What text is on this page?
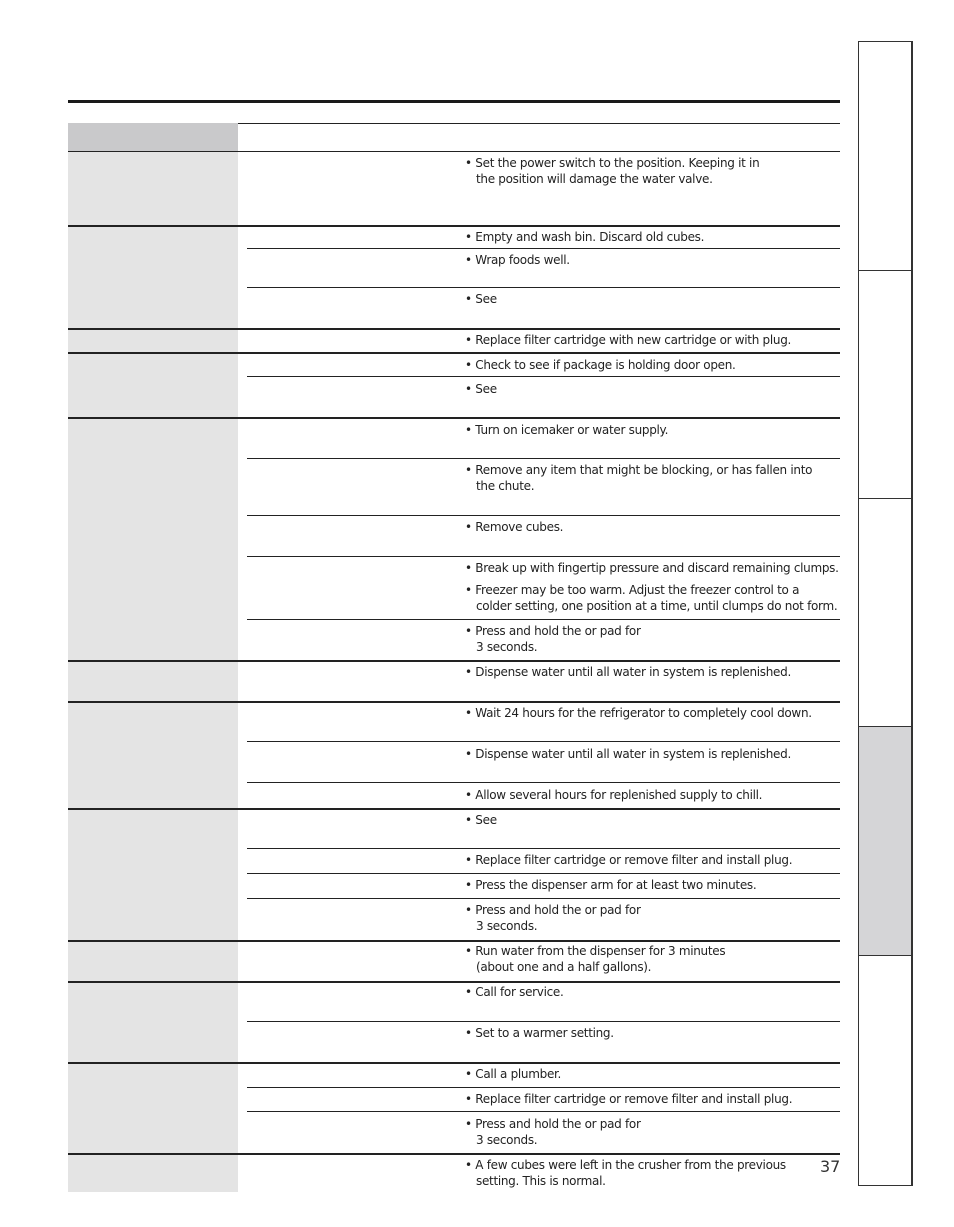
• Set the power switch to the position. Keeping it in
the position will damage the water valve.
• Empty and wash bin. Discard old cubes.
• Wrap foods well.
• See
• Replace filter cartridge with new cartridge or with plug.
• Check to see if package is holding door open.
• See
• Turn on icemaker or water supply.
• Remove any item that might be blocking, or has fallen into
the chute.
• Remove cubes.
• Break up with fingertip pressure and discard remaining clumps.
• Freezer may be too warm. Adjust the freezer control to a
colder setting, one position at a time, until clumps do not form.
• Press and hold the or pad for
3 seconds.
• Dispense water until all water in system is replenished.
• Wait 24 hours for the refrigerator to completely cool down.
• Dispense water until all water in system is replenished.
• Allow several hours for replenished supply to chill.
• See
• Replace filter cartridge or remove filter and install plug.
• Press the dispenser arm for at least two minutes.
• Press and hold the or pad for
3 seconds.
• Run water from the dispenser for 3 minutes
(about one and a half gallons).
• Call for service.
• Set to a warmer setting.
• Call a plumber.
• Replace filter cartridge or remove filter and install plug.
• Press and hold the or pad for
3 seconds.
• A few cubes were left in the crusher from the previous
setting. This is normal.
37
